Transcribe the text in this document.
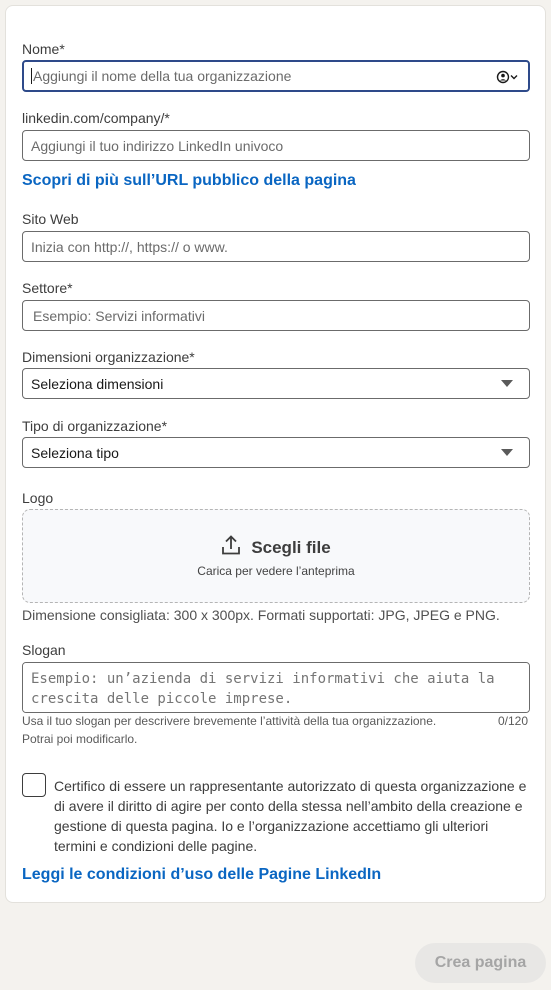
Nome*
Aggiungi il nome della tua organizzazione
linkedin.com/company/*
Aggiungi il tuo indirizzo LinkedIn univoco
Scopri di più sull’URL pubblico della pagina
Sito Web
Inizia con http://, https:// o www.
Settore*
Esempio: Servizi informativi
Dimensioni organizzazione*
Seleziona dimensioni
Tipo di organizzazione*
Seleziona tipo
Logo
Scegli file
Carica per vedere l’anteprima
Dimensione consigliata: 300 x 300px. Formati supportati: JPG, JPEG e PNG.
Slogan
Esempio: un’azienda di servizi informativi che aiuta la crescita delle piccole imprese.
Usa il tuo slogan per descrivere brevemente l’attività della tua organizzazione.
Potrai poi modificarlo.
0/120
Certifico di essere un rappresentante autorizzato di questa organizzazione e di avere il diritto di agire per conto della stessa nell’ambito della creazione e gestione di questa pagina. Io e l’organizzazione accettiamo gli ulteriori termini e condizioni delle pagine.
Leggi le condizioni d’uso delle Pagine LinkedIn
Crea pagina
